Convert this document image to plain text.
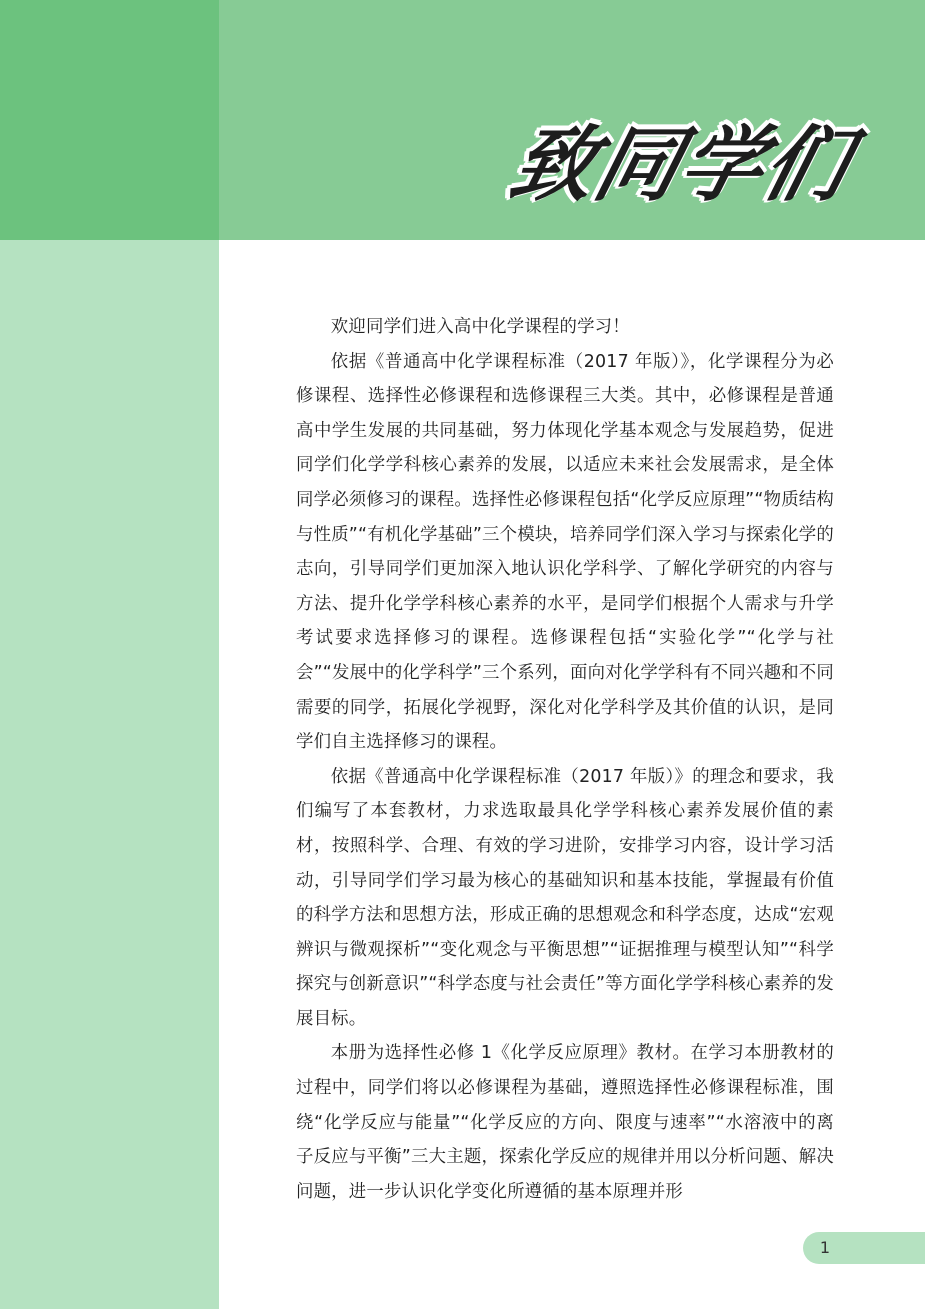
致同学们

欢迎同学们进入高中化学课程的学习！

依据《普通高中化学课程标准（2017 年版）》，化学课程分为必修课程、选择性必修课程和选修课程三大类。其中，必修课程是普通高中学生发展的共同基础，努力体现化学基本观念与发展趋势，促进同学们化学学科核心素养的发展，以适应未来社会发展需求，是全体同学必须修习的课程。选择性必修课程包括“化学反应原理”“物质结构与性质”“有机化学基础”三个模块，培养同学们深入学习与探索化学的志向，引导同学们更加深入地认识化学科学、了解化学研究的内容与方法、提升化学学科核心素养的水平，是同学们根据个人需求与升学考试要求选择修习的课程。选修课程包括“实验化学”“化学与社会”“发展中的化学科学”三个系列，面向对化学学科有不同兴趣和不同需要的同学，拓展化学视野，深化对化学科学及其价值的认识，是同学们自主选择修习的课程。

依据《普通高中化学课程标准（2017 年版）》的理念和要求，我们编写了本套教材，力求选取最具化学学科核心素养发展价值的素材，按照科学、合理、有效的学习进阶，安排学习内容，设计学习活动，引导同学们学习最为核心的基础知识和基本技能，掌握最有价值的科学方法和思想方法，形成正确的思想观念和科学态度，达成“宏观辨识与微观探析”“变化观念与平衡思想”“证据推理与模型认知”“科学探究与创新意识”“科学态度与社会责任”等方面化学学科核心素养的发展目标。

本册为选择性必修 1《化学反应原理》教材。在学习本册教材的过程中，同学们将以必修课程为基础，遵照选择性必修课程标准，围绕“化学反应与能量”“化学反应的方向、限度与速率”“水溶液中的离子反应与平衡”三大主题，探索化学反应的规律并用以分析问题、解决问题，进一步认识化学变化所遵循的基本原理并形

1
